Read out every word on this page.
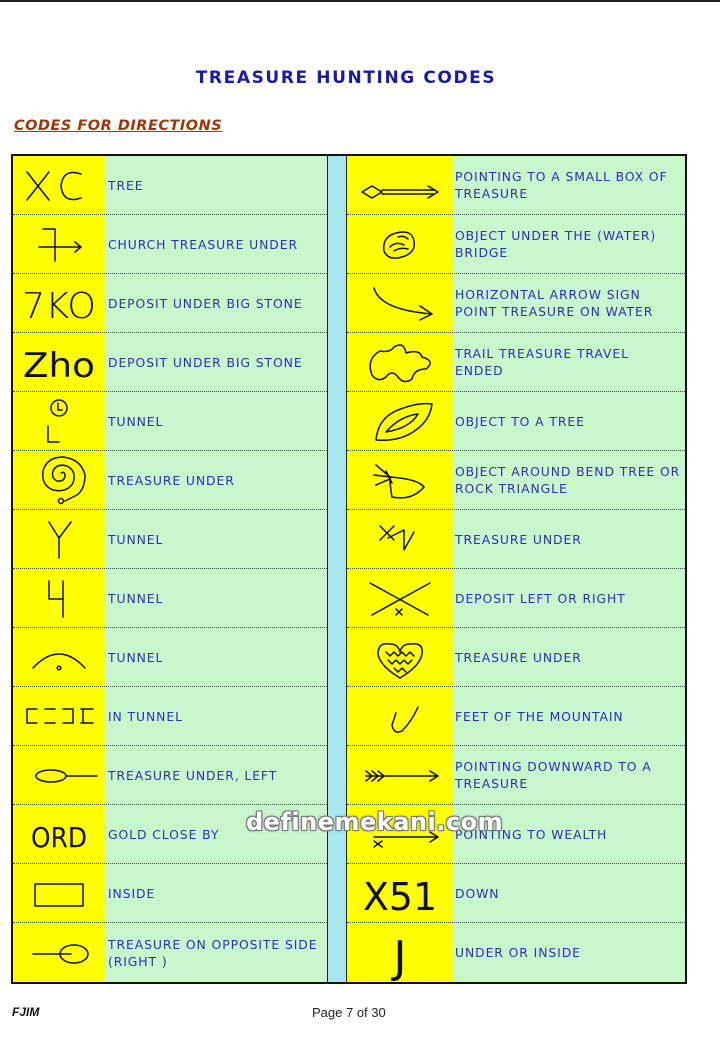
TREASURE HUNTING CODES
CODES FOR DIRECTIONS
TREE
CHURCH TREASURE UNDER
7KO DEPOSIT UNDER BIG STONE
Zho DEPOSIT UNDER BIG STONE
TUNNEL
TREASURE UNDER
TUNNEL
TUNNEL
TUNNEL
IN TUNNEL
TREASURE UNDER, LEFT
ORD GOLD CLOSE BY
INSIDE
TREASURE ON OPPOSITE SIDE (RIGHT )
POINTING TO A SMALL BOX OF TREASURE
OBJECT UNDER THE (WATER) BRIDGE
HORIZONTAL ARROW SIGN POINT TREASURE ON WATER
TRAIL TREASURE TRAVEL ENDED
OBJECT TO A TREE
OBJECT AROUND BEND TREE OR ROCK TRIANGLE
TREASURE UNDER
DEPOSIT LEFT OR RIGHT
TREASURE UNDER
FEET OF THE MOUNTAIN
POINTING DOWNWARD TO A TREASURE
POINTING TO WEALTH
X51 DOWN
J	UNDER OR INSIDE
definemekani.com
FJIM	Page 7 of 30
